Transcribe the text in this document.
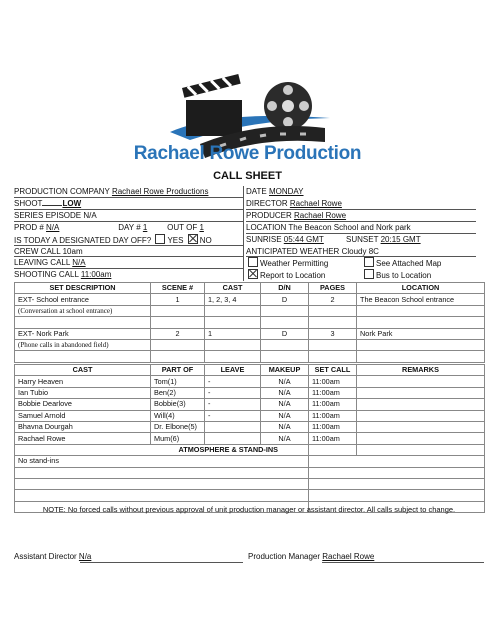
Rachael Rowe Production
CALL SHEET
PRODUCTION COMPANY Rachael Rowe Productions
SHOOT	LOW
SERIES EPISODE N/A
PROD # N/A	DAY # 1 OUT OF 1
IS TODAY A DESIGNATED DAY OFF? YES NO
CREW CALL 10am
LEAVING CALL N/A
SHOOTING CALL 11:00am
DATE MONDAY
DIRECTOR Rachael Rowe
PRODUCER Rachael Rowe
LOCATION The Beacon School and Nork park
SUNRISE 05:44 GMT	SUNSET 20:15 GMT
ANTICIPATED WEATHER Cloudy 8C
Weather Permitting	See Attached Map
Report to Location	Bus to Location
SET DESCRIPTION	SCENE #	CAST	D/N	PAGES	LOCATION
EXT- School entrance	1	1, 2, 3, 4	D	2	The Beacon School entrance
(Conversation at school entrance)					

EXT- Nork Park	2	1	D	3	Nork Park
(Phone calls in abandoned field)					

CAST	PART OF	LEAVE	MAKEUP	SET CALL	REMARKS
Harry Heaven	Tom(1)	-	N/A	11:00am	
Ian Tubio	Ben(2)	-	N/A	11:00am	
Bobbie Dearlove	Bobbie(3)	-	N/A	11:00am	
Samuel Arnold	Will(4)	-	N/A	11:00am	
Bhavna Dourgah	Dr. Elbone(5)		N/A	11:00am	
Rachael Rowe	Mum(6)		N/A	11:00am	
ATMOSPHERE & STAND-INS					
No stand-ins					

NOTE: No forced calls without previous approval of unit production manager or assistant director. All calls subject to change.
Assistant Director N/a	Production Manager Rachael Rowe
